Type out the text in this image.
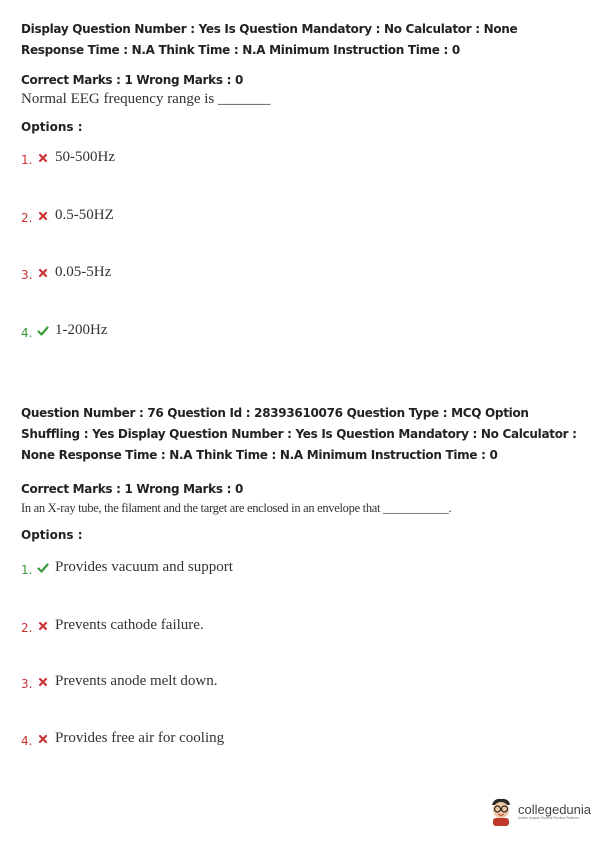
Display Question Number : Yes Is Question Mandatory : No Calculator : None Response Time : N.A Think Time : N.A Minimum Instruction Time : 0
Correct Marks : 1 Wrong Marks : 0
Normal EEG frequency range is _______
Options :
1.	50-500Hz
2.	0.5-50HZ
3.	0.05-5Hz
4.	1-200Hz
Question Number : 76 Question Id : 28393610076 Question Type : MCQ Option Shuffling : Yes Display Question Number : Yes Is Question Mandatory : No Calculator : None Response Time : N.A Think Time : N.A Minimum Instruction Time : 0
Correct Marks : 1 Wrong Marks : 0
In an X-ray tube, the filament and the target are enclosed in an envelope that ___________.
Options :
1.	Provides vacuum and support
2.	Prevents cathode failure.
3.	Prevents anode melt down.
4.	Provides free air for cooling
collegedunia
India's largest Student Review Platform
